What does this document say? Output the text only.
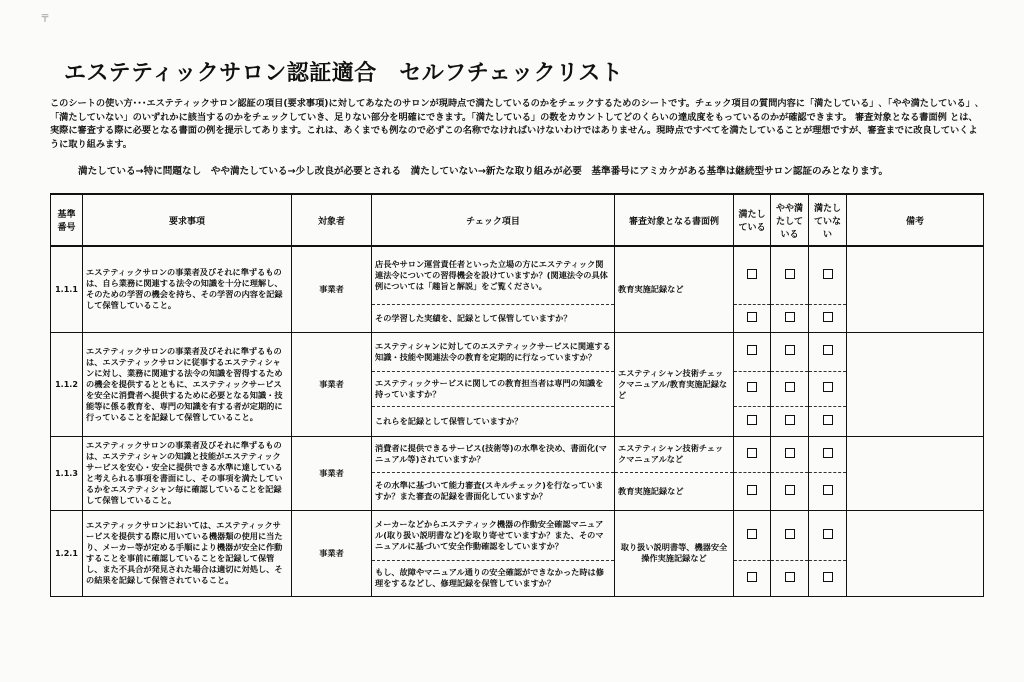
〒
エステティックサロン認証適合　セルフチェックリスト
このシートの使い方･･･エステティックサロン認証の項目(要求事項)に対してあなたのサロンが現時点で満たしているのかをチェックするためのシートです。チェック項目の質問内容に「満たしている」､「やや満たしている」､「満たしていない」のいずれかに該当するのかをチェックしていき、足りない部分を明確にできます。「満たしている」の数をカウントしてどのくらいの達成度をもっているのかが確認できます。 審査対象となる書面例 とは、実際に審査する際に必要となる書面の例を提示してあります。これは、あくまでも例なので必ずこの名称でなければいけないわけではありません。現時点ですべてを満たしていることが理想ですが、審査までに改良していくように取り組みます。
満たしている→特に問題なし　やや満たしている→少し改良が必要とされる　満たしていない→新たな取り組みが必要　基準番号にアミカケがある基準は継続型サロン認証のみとなります。
基準番号	要求事項	対象者	チェック項目	審査対象となる書面例	満たしている	やや満たしている	満たしていない	備考
1.1.1	エステティックサロンの事業者及びそれに準ずるものは、自ら業務に関連する法令の知識を十分に理解し、そのための学習の機会を持ち、その学習の内容を記録して保管していること。	事業者	店長やサロン運営責任者といった立場の方にエステティック関連法令についての習得機会を設けていますか？(関連法令の具体例については「趣旨と解説」をご覧ください。	教育実施記録など				
			その学習した実績を、記録として保管していますか？					
1.1.2	エステティックサロンの事業者及びそれに準ずるものは、エステティックサロンに従事するエステティシャンに対し、業務に関連する法令の知識を習得するための機会を提供するとともに、エステティックサービスを安全に消費者へ提供するために必要となる知識・技能等に係る教育を、専門の知識を有する者が定期的に行っていることを記録して保管していること。	事業者	エステティシャンに対してのエステティックサービスに関連する知識・技能や関連法令の教育を定期的に行なっていますか？	エステティシャン技術チェックマニュアル/教育実施記録など				
			エステティックサービスに関しての教育担当者は専門の知識を持っていますか？					
			これらを記録として保管していますか？					
1.1.3	エステティックサロンの事業者及びそれに準ずるものは、エステティシャンの知識と技能がエステティックサービスを安心・安全に提供できる水準に達していると考えられる事項を書面にし、その事項を満たしているかをエステティシャン毎に確認していることを記録して保管していること。	事業者	消費者に提供できるサービス(技術等)の水準を決め、書面化(マニュアル等)されていますか？	エステティシャン技術チェックマニュアルなど				
			その水準に基づいて能力審査(スキルチェック)を行なっていますか？また審査の記録を書面化していますか？	教育実施記録など				
1.2.1	エステティックサロンにおいては、エステティックサービスを提供する際に用いている機器類の使用に当たり、メーカー等が定める手順により機器が安全に作動することを事前に確認していることを記録して保管し、また不具合が発見された場合は適切に対処し、その結果を記録して保管されていること。	事業者	メーカーなどからエステティック機器の作動安全確認マニュアル(取り扱い説明書など)を取り寄せていますか？また、そのマニュアルに基づいて安全作動確認をしていますか？	取り扱い説明書等、機器安全操作実施記録など				
			もし、故障やマニュアル通りの安全確認ができなかった時は修理をするなどし、修理記録を保管していますか？					
